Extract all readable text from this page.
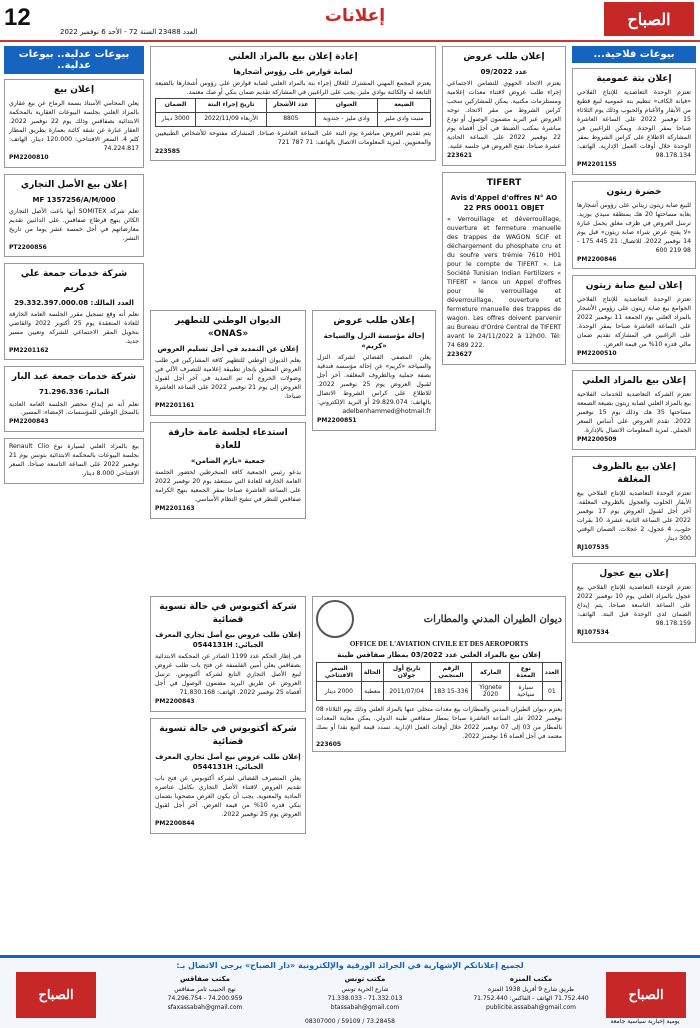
12
العدد 23488 السنة 72 - الأحد 6 نوفمبر 2022
إعلانات	الصباح
بيوعات فلاحية...
إعلان بتة عمومية
تعتزم الوحدة التعاضدية للإنتاج الفلاحي «فيانة الكاف» تنظيم بتة عمومية لبيع قطيع من الأبقار والأغنام والحبوب وذلك يوم الثلاثاء 15 نوفمبر 2022 على الساعة العاشرة صباحا بمقر الوحدة. ويمكن للراغبين في المشاركة الاطلاع على كراس الشروط بمقر الوحدة خلال أوقات العمل الإدارية. الهاتف: 98.178.134
PM2201155
خضرة زيتون
للبيع صابة زيتون زيتاني على رؤوس أشجارها بغابة مساحتها 20 هك بمنطقة سيدي بوزيد. ترسل العروض في ظرف مغلق يحمل عبارة «لا يفتح عرض شراء صابة زيتون» قبل يوم 14 نوفمبر 2022. للاتصال: 21 445 175 - 98 219 600
PM2200846
إعلان لبيع صابة زيتون
تعتزم الوحدة التعاضدية للإنتاج الفلاحي الجوامع بيع صابة زيتون على رؤوس الأشجار بالمزاد العلني يوم الجمعة 11 نوفمبر 2022 على الساعة العاشرة صباحا بمقر الوحدة. على الراغبين في المشاركة تقديم ضمان مالي قدره 10% من قيمة العرض.
PM2200510
إعلان بيع بالمزاد العلني
تعتزم الشركة التعاضدية للخدمات الفلاحية بيع بالمزاد العلني لصابة زيتون بضيعة الصمعة مساحتها 35 هك وذلك يوم 15 نوفمبر 2022. تقدم العروض على أساس السعر الجملي. لمزيد المعلومات الاتصال بالإدارة.
PM2200509
إعلان بيع بالظروف المغلقة
تعتزم الوحدة التعاضدية للإنتاج الفلاحي بيع الأبقار الحلوب والعجول بالظروف المغلقة. آخر أجل لقبول العروض يوم 17 نوفمبر 2022 على الساعة الثانية عشرة. 10 بقرات حلوب، 4 عجول، 2 عجلات. الضمان الوقتي 300 دينار.
RJ107535
إعلان بيع عجول
تعتزم الوحدة التعاضدية للإنتاج الفلاحي بيع عجول بالمزاد العلني يوم 10 نوفمبر 2022 على الساعة التاسعة صباحا. يتم إيداع الضمان لدى الوحدة قبل البتة. الهاتف: 98.178.159
RJ107534
إعلان طلب عروض
عدد 09/2022
يعتزم الاتحاد الجهوي للتضامن الاجتماعي إجراء طلب عروض لاقتناء معدات إعلامية ومستلزمات مكتبية. يمكن للمشاركين سحب كراس الشروط من مقر الاتحاد. توجه العروض عبر البريد مضمون الوصول أو تودع مباشرة بمكتب الضبط في أجل أقصاه يوم 22 نوفمبر 2022 على الساعة الحادية عشرة صباحا. تفتح العروض في جلسة علنية.
223621
TIFERT
Avis d'Appel d'offres N° AO 22 PRS 00011 OBJET
« Verrouillage et déverrouillage, ouverture et fermeture manuelle des trappes de WAGON SCIF et déchargement du phosphate cru et du soufre vers trémie 7610 H01 pour le compte de TIFERT ». La Société Tunisian Indian Fertilizers « TIFERT » lance un Appel d'offres pour le verrouillage et déverrouillage, ouverture et fermeture manuelle des trappes de wagon. Les offres doivent parvenir au Bureau d'Ordre Central de TIFERT avant le 24/11/2022 à 12h00. Tél: 74 689 222.
223627
إعلان طلب عروض
إحالة مؤسسة النزل والسياحة «كريم»
يعلن المصفي القضائي لشركة النزل والسياحة «كريم» عن إحالة مؤسسة فندقية بصفة جملية وبالظروف المغلقة. آخر أجل لقبول العروض يوم 25 نوفمبر 2022. للاطلاع على كراس الشروط الاتصال بالهاتف: 29.829.074 أو البريد الإلكتروني: adelbenhammed@hotmail.fr
PM2200851
إعادة إعلان بيع بالمزاد العلني
لصابة قوارص على رؤوس أشجارها
يعتزم المجمع المهني المشترك للغلال إجراء بتة بالمزاد العلني لصابة قوارص على رؤوس أشجارها بالضيعة التابعة له والكائنة بوادي مليز. يجب على الراغبين في المشاركة تقديم ضمان بنكي أو صك معتمد.
الضيعة	العنوان	عدد الأشجار	تاريخ إجراء البتة	الضمان
منبت وادي مليز	وادي مليز - جندوبة	8805	الأربعاء 2022/11/09	3000 دينار
يتم تقديم العروض مباشرة يوم البتة على الساعة العاشرة صباحا. المشاركة مفتوحة للأشخاص الطبيعيين والمعنويين. لمزيد المعلومات الاتصال بالهاتف: 71 787 721
223585
الديوان الوطني للتطهير «ONAS»
إعلان عن التمديد في أجل تسليم العروض
يعلم الديوان الوطني للتطهير كافة المشاركين في طلب العروض المتعلق بإنجاز تطبيقة إعلامية للتصرف الآلي في وصولات الخروج أنه تم التمديد في آخر أجل لقبول العروض إلى يوم 21 نوفمبر 2022 على الساعة العاشرة صباحا.
PM2201161
استدعاء لجلسة عامة خارقة للعادة
جمعية «بازم الضامن»
يدعو رئيس الجمعية كافة المنخرطين لحضور الجلسة العامة الخارقة للعادة التي ستنعقد يوم 20 نوفمبر 2022 على الساعة العاشرة صباحا بمقر الجمعية بنهج الكرامة صفاقس للنظر في تنقيح النظام الأساسي.
PM2201163
ديوان الطيران المدني والمطارات
OFFICE DE L'AVIATION CIVILE ET DES AEROPORTS
إعلان بيع بالمزاد العلني عدد 03/2022 بمطار صفاقس طينة
العدد	نوع المعدة	الماركة	الرقم المنجمي	تاريخ أول جولان	الحالة	السعر الافتتاحي
01	سيارة سياحية	Yignete 2020	15-336 183	2011/07/04	معطبة	2000 دينار
يعتزم ديوان الطيران المدني والمطارات بيع معدات متخلى عنها بالمزاد العلني وذلك يوم الثلاثاء 08 نوفمبر 2022 على الساعة العاشرة صباحا بمطار صفاقس طينة الدولي. يمكن معاينة المعدات بالمطار من 03 إلى 07 نوفمبر 2022 خلال أوقات العمل الإدارية. تسدد قيمة البيع نقدا أو بصك معتمد في أجل أقصاه 16 نوفمبر 2022.
223605
شركة أكتوبوس في حالة تسوية قضائية
إعلان طلب عروض بيع أصل تجاري المعرف الجبائي: 0544131H
في إطار الحكم عدد 1199 الصادر عن المحكمة الابتدائية بصفاقس يعلن أمين الفلسفة عن فتح باب طلب عروض لبيع الأصل التجاري التابع لشركة أكتوبوس. ترسل العروض عن طريق البريد مضمون الوصول في أجل أقصاه 25 نوفمبر 2022. الهاتف: 71.830.168
PM2200843
شركة أكتوبوس في حالة تسوية قضائية
إعلان طلب عروض بيع أصل تجاري المعرف الجبائي: 0544131H
يعلن المتصرف القضائي لشركة أكتوبوس عن فتح باب تقديم العروض لاقتناء الأصل التجاري بكامل عناصره المادية والمعنوية. يجب أن يكون العرض مصحوبا بضمان بنكي قدره 10% من قيمة العرض. آخر أجل لقبول العروض يوم 25 نوفمبر 2022.
PM2200844
بيوعات عدلية.. بيوعات عدلية..
إعلان بيع
يعلن المحامي الأستاذ بسمة الرماح عن بيع عقاري بالمزاد العلني بجلسة البيوعات العقارية بالمحكمة الابتدائية بصفاقس وذلك يوم 22 نوفمبر 2022. العقار عبارة عن شقة كائنة بعمارة بطريق المطار كلم 4. السعر الافتتاحي: 120.000 دينار. الهاتف: 74.224.817
PM2200810
إعلان بيع الأصل التجاري
MF 1357256/A/M/000
تعلم شركة SOMITEX أنها باعت الأصل التجاري الكائن بنهج قرطاج صفاقس. على الدائنين تقديم معارضاتهم في أجل خمسة عشر يوما من تاريخ النشر.
PT2200856
شركة خدمات جمعة علي كريم
العدد المالك: 29.332.397.000.08
نعلم أنه وقع تسجيل مقرر الجلسة العامة الخارقة للعادة المنعقدة يوم 25 أكتوبر 2022 والقاضي بتحويل المقر الاجتماعي للشركة وتعيين مسير جديد.
PM2201162
شركة خدمات جمعة عبد البار
الماتم: 71.296.336
نعلم أنه تم إيداع محضر الجلسة العامة العادية بالسجل الوطني للمؤسسات. الإمضاء: المسير.
PM2200843
بيع بالمزاد العلني لسيارة نوع Renault Clio بجلسة البيوعات بالمحكمة الابتدائية بتونس يوم 21 نوفمبر 2022 على الساعة التاسعة صباحا. السعر الافتتاحي 8.000 دينار.
لجميع إعلاناتكم الإشهارية في الجرائد الورقية والإلكترونية «دار الصباح» يرجى الاتصال بـ:
الصباح
مكتب المنزه
طريق شارع 9 أفريل 1938 المنزه
71.752.440 الهاتف - الفاكس: 71.752.440
publicite.assabah@gmail.com
مكتب تونس
شارع الحرية تونس
71.332.013 - 71.338.033
btassabah@gmail.com
مكتب صفاقس
نهج الحبيب ثامر صفاقس
74.200.959 - 74.296.754
sfaxassabah@gmail.com
الصباح
08307000 / 59109 / 73.28458	يومية إخبارية سياسية جامعة
